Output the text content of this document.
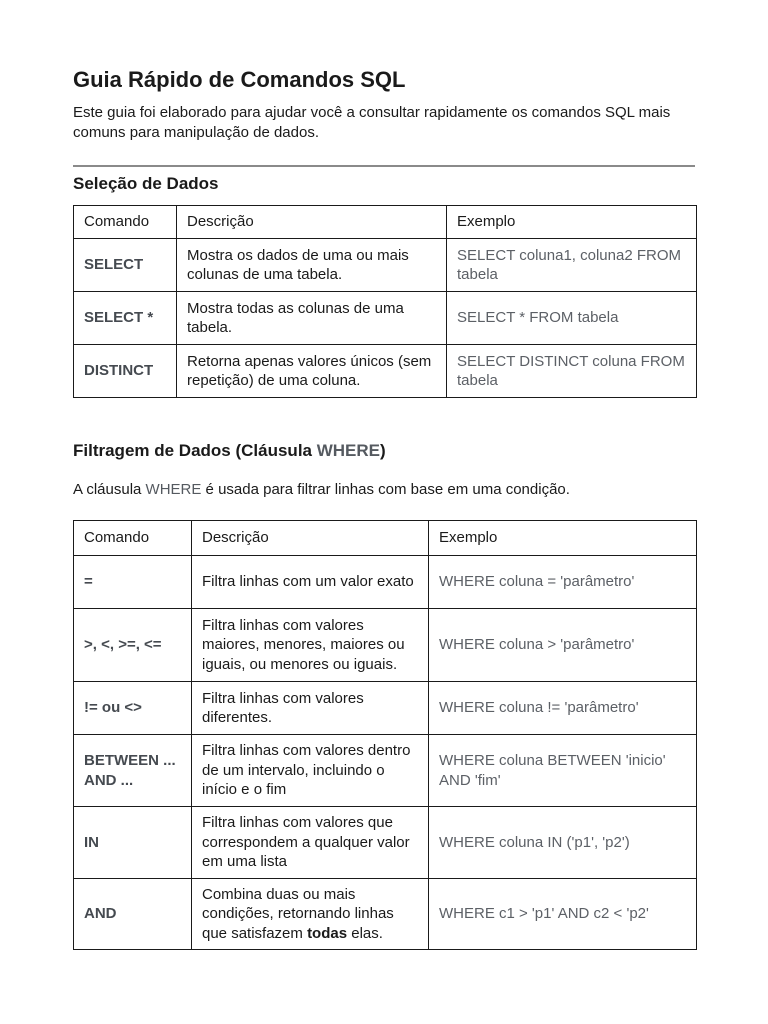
Guia Rápido de Comandos SQL

Este guia foi elaborado para ajudar você a consultar rapidamente os comandos SQL mais comuns para manipulação de dados.

Seleção de Dados
Comando	Descrição	Exemplo
SELECT	Mostra os dados de uma ou mais colunas de uma tabela.	SELECT coluna1, coluna2 FROM tabela
SELECT *	Mostra todas as colunas de uma tabela.	SELECT * FROM tabela
DISTINCT	Retorna apenas valores únicos (sem repetição) de uma coluna.	SELECT DISTINCT coluna FROM tabela
Filtragem de Dados (Cláusula WHERE)

A cláusula WHERE é usada para filtrar linhas com base em uma condição.

Comando	Descrição	Exemplo
=	Filtra linhas com um valor exato	WHERE coluna = 'parâmetro'
>, <, >=, <=	Filtra linhas com valores maiores, menores, maiores ou iguais, ou menores ou iguais.	WHERE coluna > 'parâmetro'
!= ou <>	Filtra linhas com valores diferentes.	WHERE coluna != 'parâmetro'
BETWEEN ... AND ...	Filtra linhas com valores dentro de um intervalo, incluindo o início e o fim	WHERE coluna BETWEEN 'inicio' AND 'fim'
IN	Filtra linhas com valores que correspondem a qualquer valor em uma lista	WHERE coluna IN ('p1', 'p2')
AND	Combina duas ou mais condições, retornando linhas que satisfazem todas elas.	WHERE c1 > 'p1' AND c2 < 'p2'
